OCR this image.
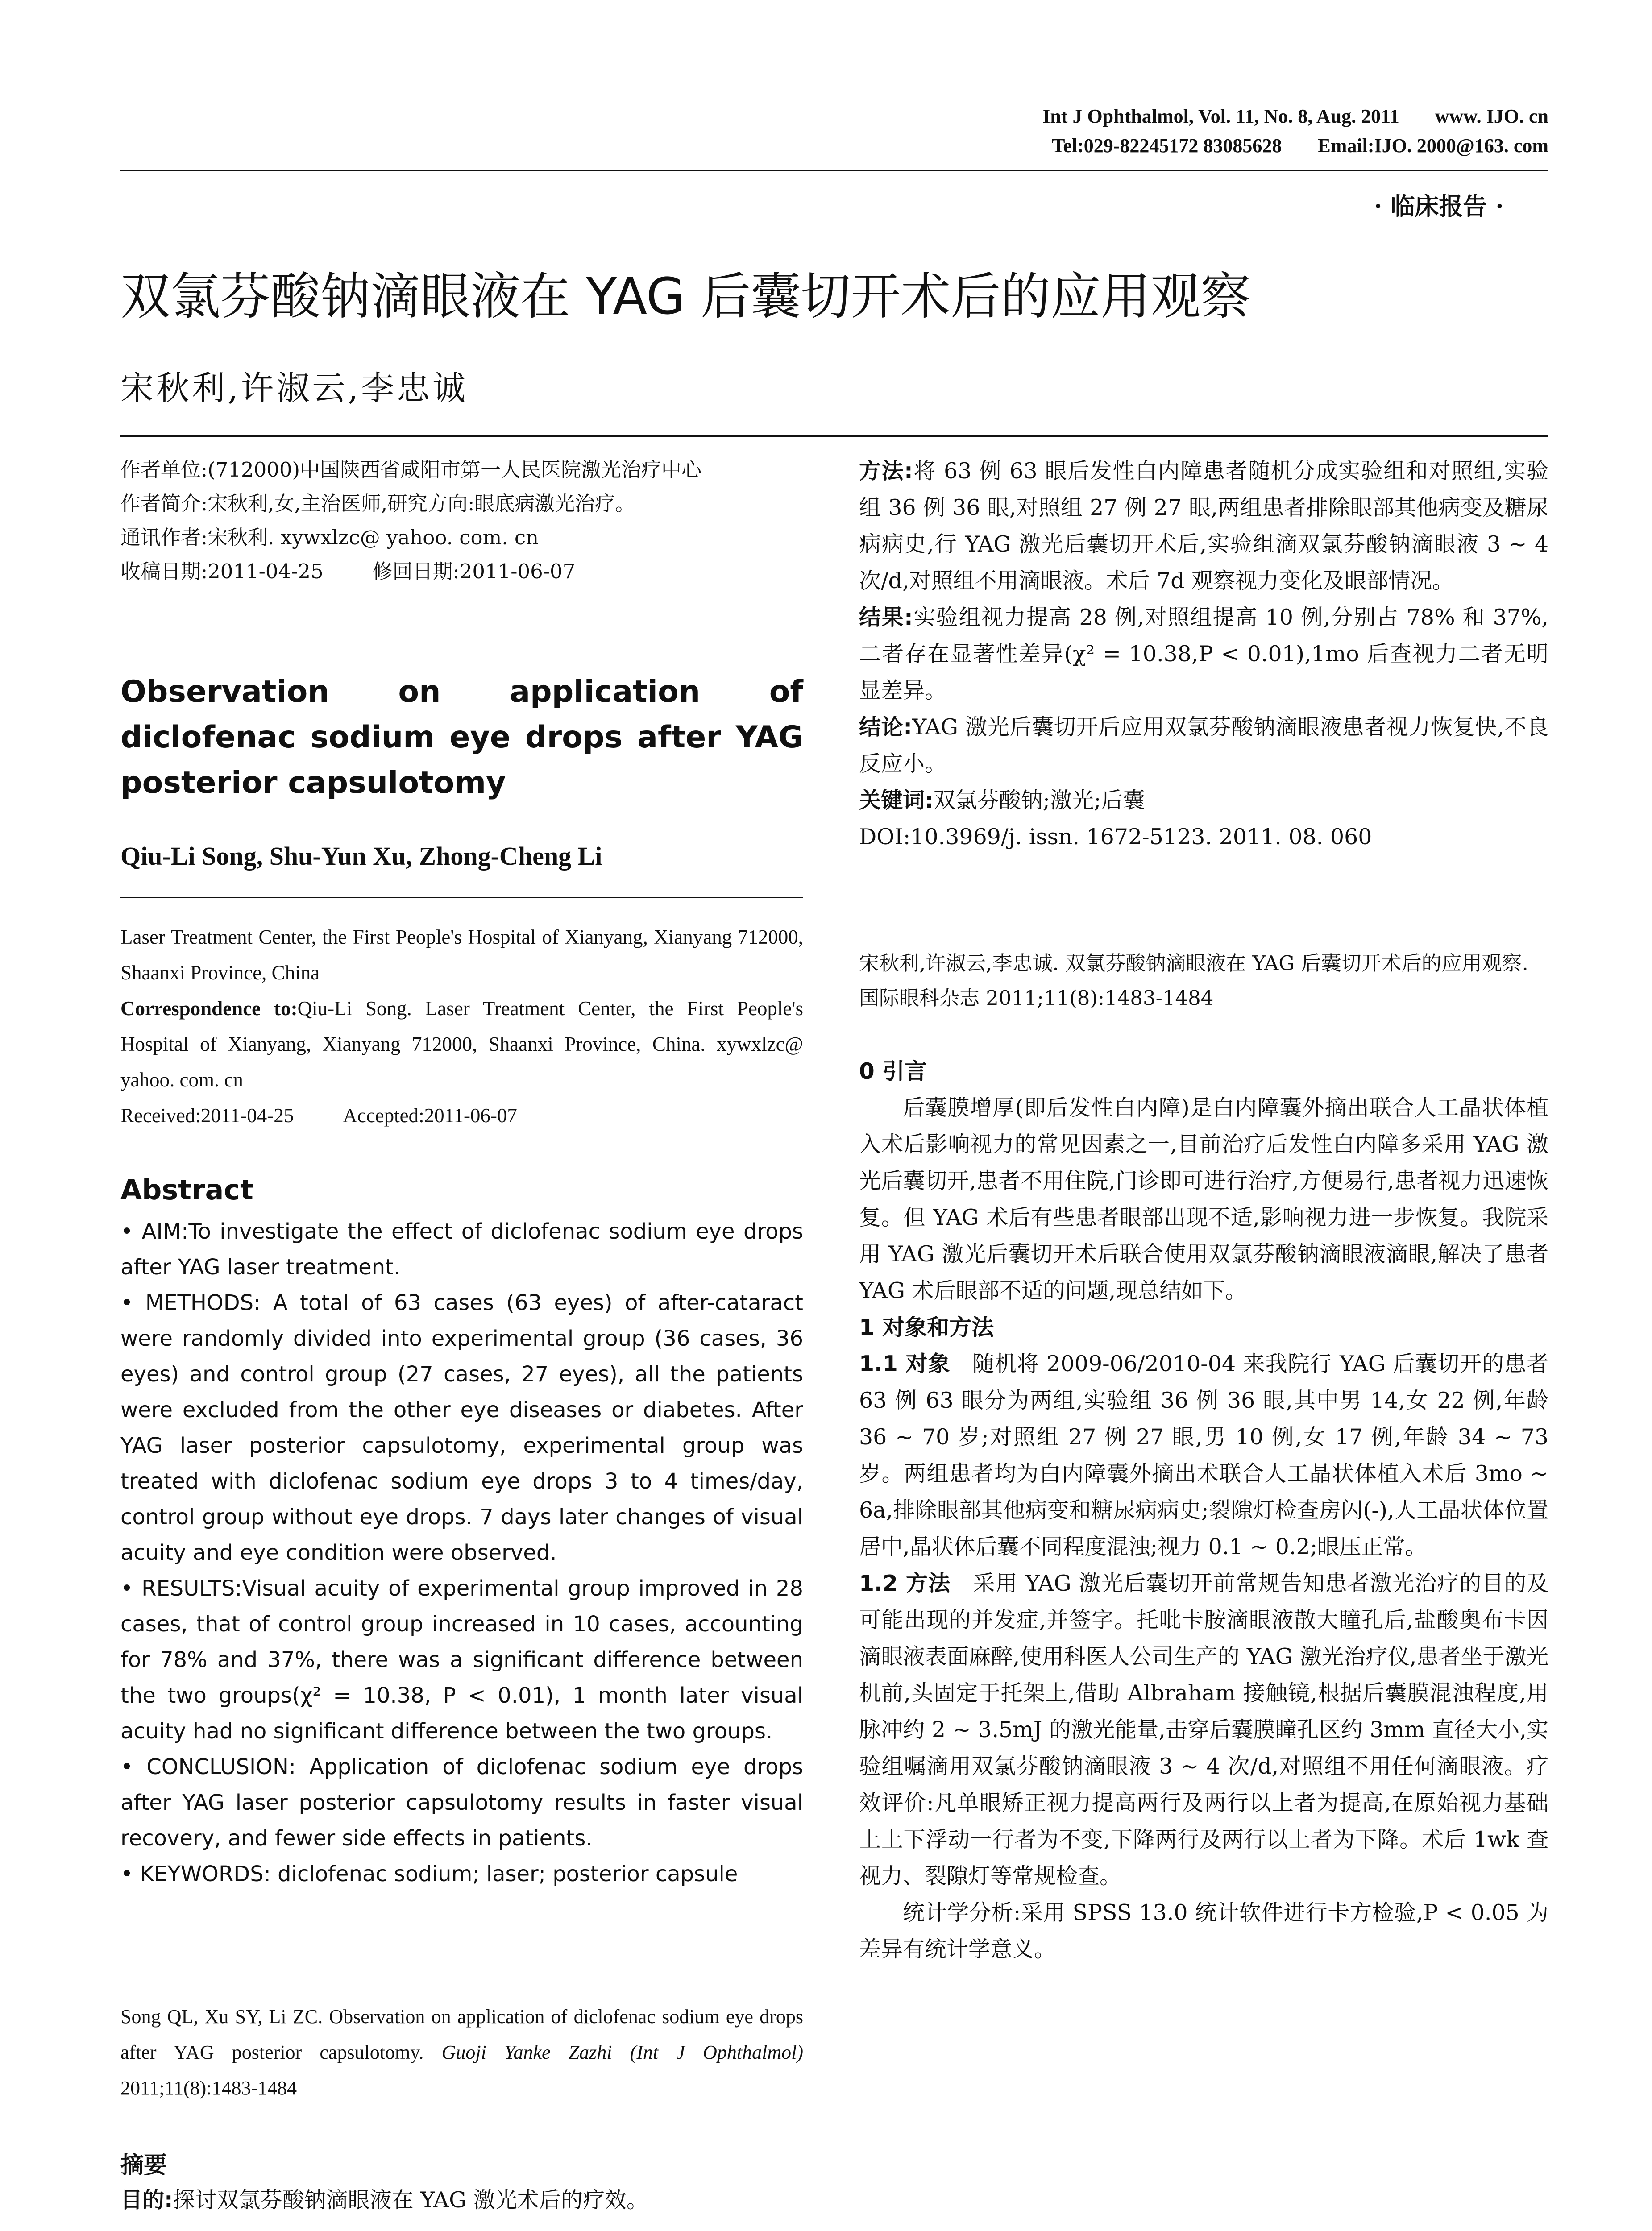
Int J Ophthalmol, Vol. 11, No. 8, Aug. 2011 www. IJO. cn
Tel:029-82245172 83085628 Email:IJO. 2000@163. com
· 临床报告 ·
双氯芬酸钠滴眼液在 YAG 后囊切开术后的应用观察
宋秋利,许淑云,李忠诚
作者单位:(712000)中国陕西省咸阳市第一人民医院激光治疗中心
作者简介:宋秋利,女,主治医师,研究方向:眼底病激光治疗。
通讯作者:宋秋利. xywxlzc@ yahoo. com. cn
收稿日期:2011-04-25 修回日期:2011-06-07
Observation on application of diclofenac sodium eye drops after YAG posterior capsulotomy
Qiu-Li Song, Shu-Yun Xu, Zhong-Cheng Li
Laser Treatment Center, the First People's Hospital of Xianyang, Xianyang 712000, Shaanxi Province, China
Correspondence to:Qiu-Li Song. Laser Treatment Center, the First People's Hospital of Xianyang, Xianyang 712000, Shaanxi Province, China. xywxlzc@ yahoo. com. cn
Received:2011-04-25 Accepted:2011-06-07
Abstract

• AIM:To investigate the effect of diclofenac sodium eye drops after YAG laser treatment.

• METHODS: A total of 63 cases (63 eyes) of after-cataract were randomly divided into experimental group (36 cases, 36 eyes) and control group (27 cases, 27 eyes), all the patients were excluded from the other eye diseases or diabetes. After YAG laser posterior capsulotomy, experimental group was treated with diclofenac sodium eye drops 3 to 4 times/day, control group without eye drops. 7 days later changes of visual acuity and eye condition were observed.

• RESULTS:Visual acuity of experimental group improved in 28 cases, that of control group increased in 10 cases, accounting for 78% and 37%, there was a significant difference between the two groups(χ² = 10.38, P < 0.01), 1 month later visual acuity had no significant difference between the two groups.

• CONCLUSION: Application of diclofenac sodium eye drops after YAG laser posterior capsulotomy results in faster visual recovery, and fewer side effects in patients.

• KEYWORDS: diclofenac sodium; laser; posterior capsule

Song QL, Xu SY, Li ZC. Observation on application of diclofenac sodium eye drops after YAG posterior capsulotomy. Guoji Yanke Zazhi (Int J Ophthalmol) 2011;11(8):1483-1484
摘要
目的:探讨双氯芬酸钠滴眼液在 YAG 激光术后的疗效。

方法:将 63 例 63 眼后发性白内障患者随机分成实验组和对照组,实验组 36 例 36 眼,对照组 27 例 27 眼,两组患者排除眼部其他病变及糖尿病病史,行 YAG 激光后囊切开术后,实验组滴双氯芬酸钠滴眼液 3 ~ 4 次/d,对照组不用滴眼液。术后 7d 观察视力变化及眼部情况。

结果:实验组视力提高 28 例,对照组提高 10 例,分别占 78% 和 37%,二者存在显著性差异(χ² = 10.38,P < 0.01),1mo 后查视力二者无明显差异。

结论:YAG 激光后囊切开后应用双氯芬酸钠滴眼液患者视力恢复快,不良反应小。

关键词:双氯芬酸钠;激光;后囊

DOI:10.3969/j. issn. 1672-5123. 2011. 08. 060

宋秋利,许淑云,李忠诚. 双氯芬酸钠滴眼液在 YAG 后囊切开术后的应用观察. 国际眼科杂志 2011;11(8):1483-1484
0 引言

后囊膜增厚(即后发性白内障)是白内障囊外摘出联合人工晶状体植入术后影响视力的常见因素之一,目前治疗后发性白内障多采用 YAG 激光后囊切开,患者不用住院,门诊即可进行治疗,方便易行,患者视力迅速恢复。但 YAG 术后有些患者眼部出现不适,影响视力进一步恢复。我院采用 YAG 激光后囊切开术后联合使用双氯芬酸钠滴眼液滴眼,解决了患者 YAG 术后眼部不适的问题,现总结如下。

1 对象和方法

1.1 对象 随机将 2009-06/2010-04 来我院行 YAG 后囊切开的患者 63 例 63 眼分为两组,实验组 36 例 36 眼,其中男 14,女 22 例,年龄 36 ~ 70 岁;对照组 27 例 27 眼,男 10 例,女 17 例,年龄 34 ~ 73 岁。两组患者均为白内障囊外摘出术联合人工晶状体植入术后 3mo ~ 6a,排除眼部其他病变和糖尿病病史;裂隙灯检查房闪(-),人工晶状体位置居中,晶状体后囊不同程度混浊;视力 0.1 ~ 0.2;眼压正常。

1.2 方法 采用 YAG 激光后囊切开前常规告知患者激光治疗的目的及可能出现的并发症,并签字。托吡卡胺滴眼液散大瞳孔后,盐酸奥布卡因滴眼液表面麻醉,使用科医人公司生产的 YAG 激光治疗仪,患者坐于激光机前,头固定于托架上,借助 Albraham 接触镜,根据后囊膜混浊程度,用脉冲约 2 ~ 3.5mJ 的激光能量,击穿后囊膜瞳孔区约 3mm 直径大小,实验组嘱滴用双氯芬酸钠滴眼液 3 ~ 4 次/d,对照组不用任何滴眼液。疗效评价:凡单眼矫正视力提高两行及两行以上者为提高,在原始视力基础上上下浮动一行者为不变,下降两行及两行以上者为下降。术后 1wk 查视力、裂隙灯等常规检查。

统计学分析:采用 SPSS 13.0 统计软件进行卡方检验,P < 0.05 为差异有统计学意义。
